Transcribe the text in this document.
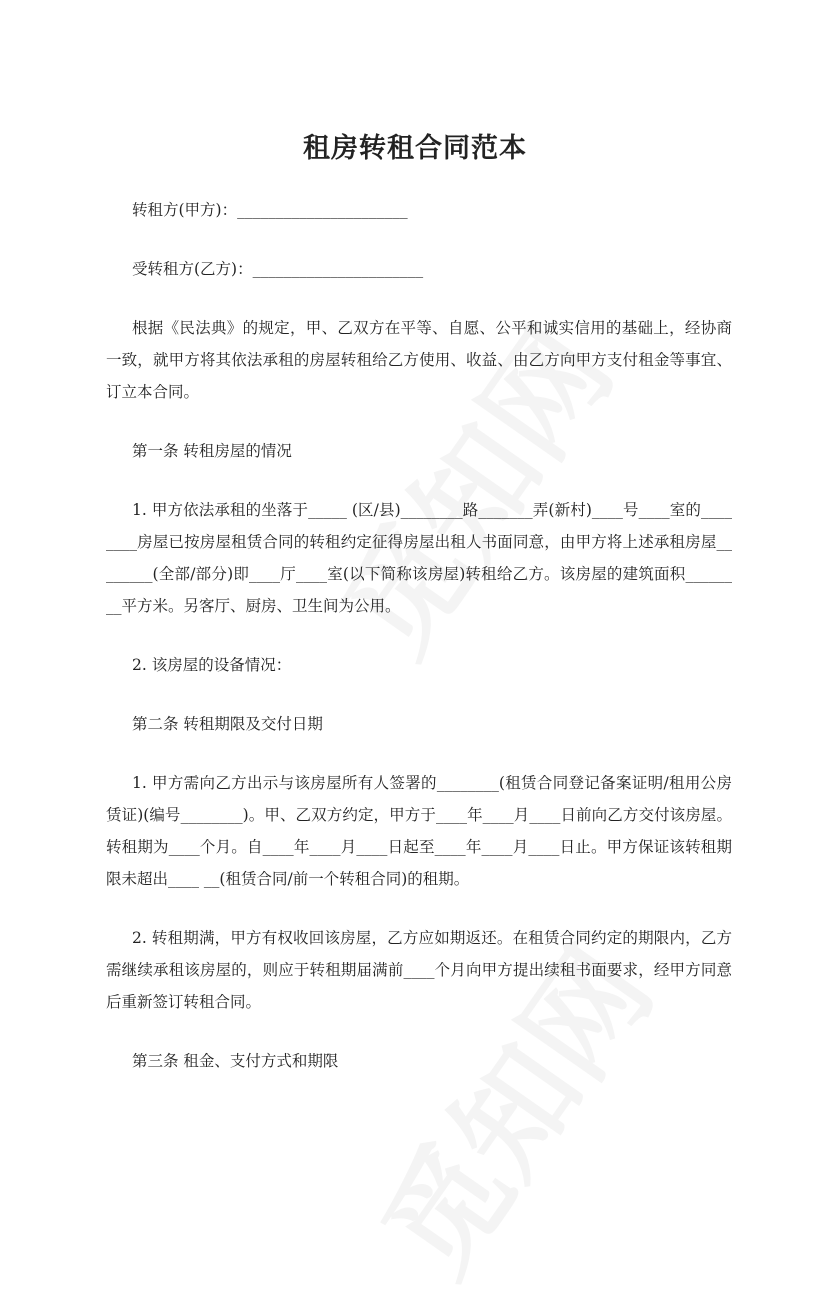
租房转租合同范本

转租方(甲方)：______________________

受转租方(乙方)：______________________

根据《民法典》的规定，甲、乙双方在平等、自愿、公平和诚实信用的基础上，经协商一致，就甲方将其依法承租的房屋转租给乙方使用、收益、由乙方向甲方支付租金等事宜、订立本合同。

第一条 转租房屋的情况

1. 甲方依法承租的坐落于_____ (区/县)________路_______弄(新村)____号____室的________房屋已按房屋租赁合同的转租约定征得房屋出租人书面同意，由甲方将上述承租房屋________(全部/部分)即____厅____室(以下简称该房屋)转租给乙方。该房屋的建筑面积________平方米。另客厅、厨房、卫生间为公用。

2. 该房屋的设备情况：

第二条 转租期限及交付日期

1. 甲方需向乙方出示与该房屋所有人签署的________(租赁合同登记备案证明/租用公房赁证)(编号________)。甲、乙双方约定，甲方于____年____月____日前向乙方交付该房屋。转租期为____个月。自____年____月____日起至____年____月____日止。甲方保证该转租期限未超出____ __(租赁合同/前一个转租合同)的租期。

2. 转租期满，甲方有权收回该房屋，乙方应如期返还。在租赁合同约定的期限内，乙方需继续承租该房屋的，则应于转租期届满前____个月向甲方提出续租书面要求，经甲方同意后重新签订转租合同。

第三条 租金、支付方式和期限
